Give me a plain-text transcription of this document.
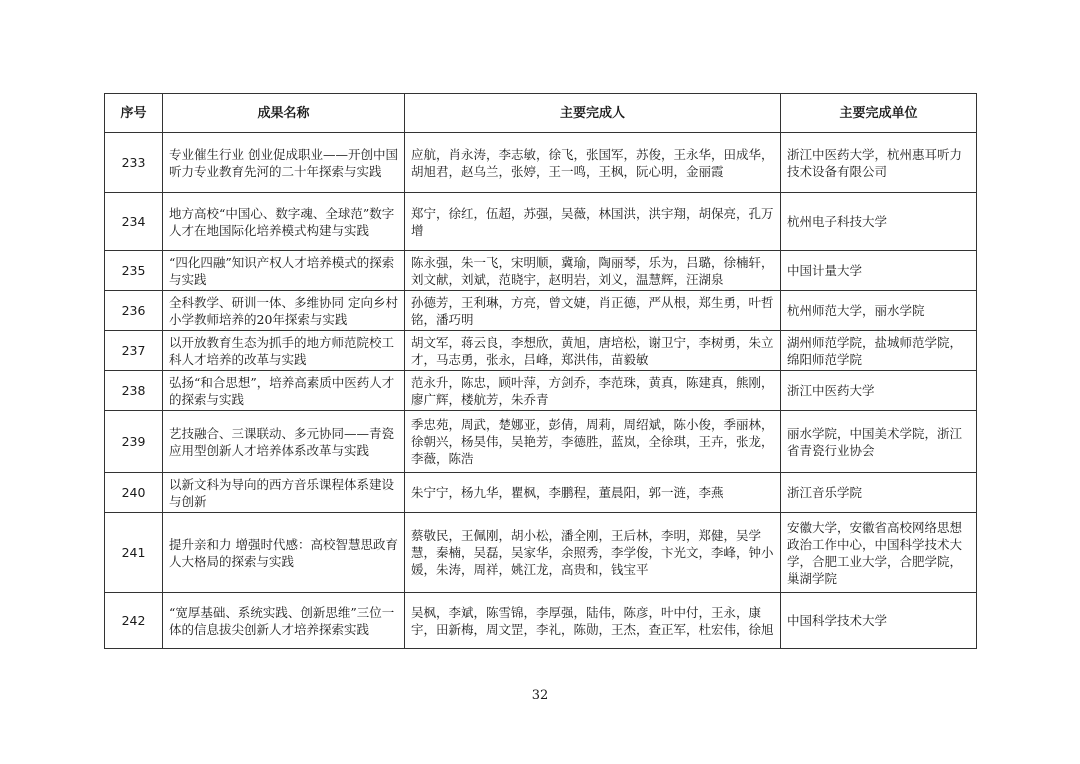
序号	成果名称	主要完成人	主要完成单位
233	专业催生行业 创业促成职业——开创中国听力专业教育先河的二十年探索与实践	应航，肖永涛，李志敏，徐飞，张国军，苏俊，王永华，田成华，胡旭君，赵乌兰，张婷，王一鸣，王枫，阮心明，金丽霞	浙江中医药大学，杭州惠耳听力技术设备有限公司
234	地方高校“中国心、数字魂、全球范”数字人才在地国际化培养模式构建与实践	郑宁，徐红，伍超，苏强，吴薇，林国洪，洪宇翔，胡保亮，孔万增	杭州电子科技大学
235	“四化四融”知识产权人才培养模式的探索与实践	陈永强，朱一飞，宋明顺，冀瑜，陶丽琴，乐为，吕璐，徐楠轩，刘文献，刘斌，范晓宇，赵明岩，刘义，温慧辉，汪湖泉	中国计量大学
236	全科教学、研训一体、多维协同 定向乡村小学教师培养的20年探索与实践	孙德芳，王利琳，方亮，曾文婕，肖正德，严从根，郑生勇，叶哲铭，潘巧明	杭州师范大学，丽水学院
237	以开放教育生态为抓手的地方师范院校工科人才培养的改革与实践	胡文军，蒋云良，李想欣，黄旭，唐培松，谢卫宁，李树勇，朱立才，马志勇，张永，吕峰，郑洪伟，苗毅敏	湖州师范学院，盐城师范学院，绵阳师范学院
238	弘扬“和合思想”，培养高素质中医药人才的探索与实践	范永升，陈忠，顾叶萍，方剑乔，李范珠，黄真，陈建真，熊刚，廖广辉，楼航芳，朱乔青	浙江中医药大学
239	艺技融合、三课联动、多元协同——青瓷应用型创新人才培养体系改革与实践	季忠苑，周武，楚娜亚，彭倩，周莉，周绍斌，陈小俊，季丽林，徐朝兴，杨昊伟，吴艳芳，李德胜，蓝岚，全徐琪，王卉，张龙，李薇，陈浩	丽水学院，中国美术学院，浙江省青瓷行业协会
240	以新文科为导向的西方音乐课程体系建设与创新	朱宁宁，杨九华，瞿枫，李鹏程，董晨阳，郭一涟，李燕	浙江音乐学院
241	提升亲和力 增强时代感：高校智慧思政育人大格局的探索与实践	蔡敬民，王佩刚，胡小松，潘全刚，王后林，李明，郑健，吴学慧，秦楠，吴磊，吴家华，余照秀，李学俊，卞光文，李峰，钟小媛，朱涛，周祥，姚江龙，高贵和，钱宝平	安徽大学，安徽省高校网络思想政治工作中心，中国科学技术大学，合肥工业大学，合肥学院，巢湖学院
242	“宽厚基础、系统实践、创新思维”三位一体的信息拔尖创新人才培养探索实践	吴枫，李斌，陈雪锦，李厚强，陆伟，陈彦，叶中付，王永，康宇，田新梅，周文罡，李礼，陈勋，王杰，查正军，杜宏伟，徐旭	中国科学技术大学
32
